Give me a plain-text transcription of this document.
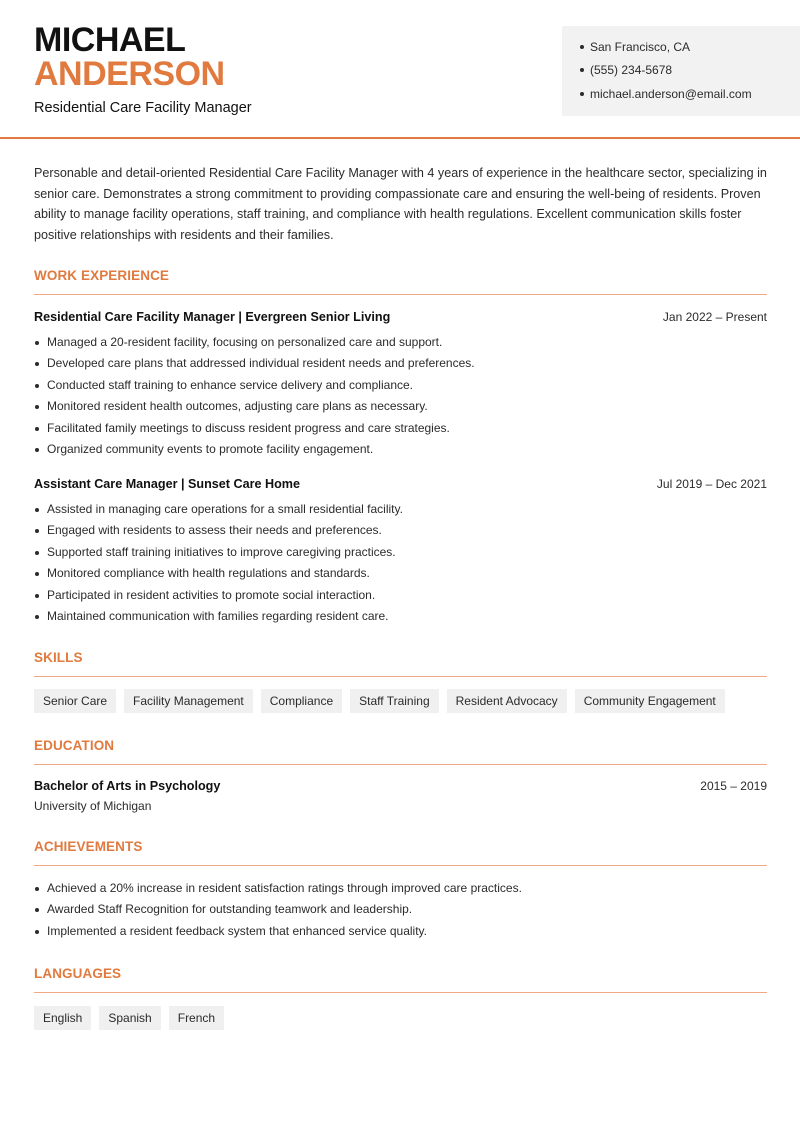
MICHAEL
ANDERSON
Residential Care Facility Manager
San Francisco, CA
(555) 234-5678
michael.anderson@email.com
Personable and detail-oriented Residential Care Facility Manager with 4 years of experience in the healthcare sector, specializing in senior care. Demonstrates a strong commitment to providing compassionate care and ensuring the well-being of residents. Proven ability to manage facility operations, staff training, and compliance with health regulations. Excellent communication skills foster positive relationships with residents and their families.
WORK EXPERIENCE
Residential Care Facility Manager | Evergreen Senior Living	Jan 2022 – Present
Managed a 20-resident facility, focusing on personalized care and support.
Developed care plans that addressed individual resident needs and preferences.
Conducted staff training to enhance service delivery and compliance.
Monitored resident health outcomes, adjusting care plans as necessary.
Facilitated family meetings to discuss resident progress and care strategies.
Organized community events to promote facility engagement.
Assistant Care Manager | Sunset Care Home	Jul 2019 – Dec 2021
Assisted in managing care operations for a small residential facility.
Engaged with residents to assess their needs and preferences.
Supported staff training initiatives to improve caregiving practices.
Monitored compliance with health regulations and standards.
Participated in resident activities to promote social interaction.
Maintained communication with families regarding resident care.
SKILLS
Senior Care	Facility Management	Compliance	Staff Training	Resident Advocacy	Community Engagement
EDUCATION
Bachelor of Arts in Psychology	2015 – 2019
University of Michigan
ACHIEVEMENTS
Achieved a 20% increase in resident satisfaction ratings through improved care practices.
Awarded Staff Recognition for outstanding teamwork and leadership.
Implemented a resident feedback system that enhanced service quality.
LANGUAGES
English	Spanish	French
